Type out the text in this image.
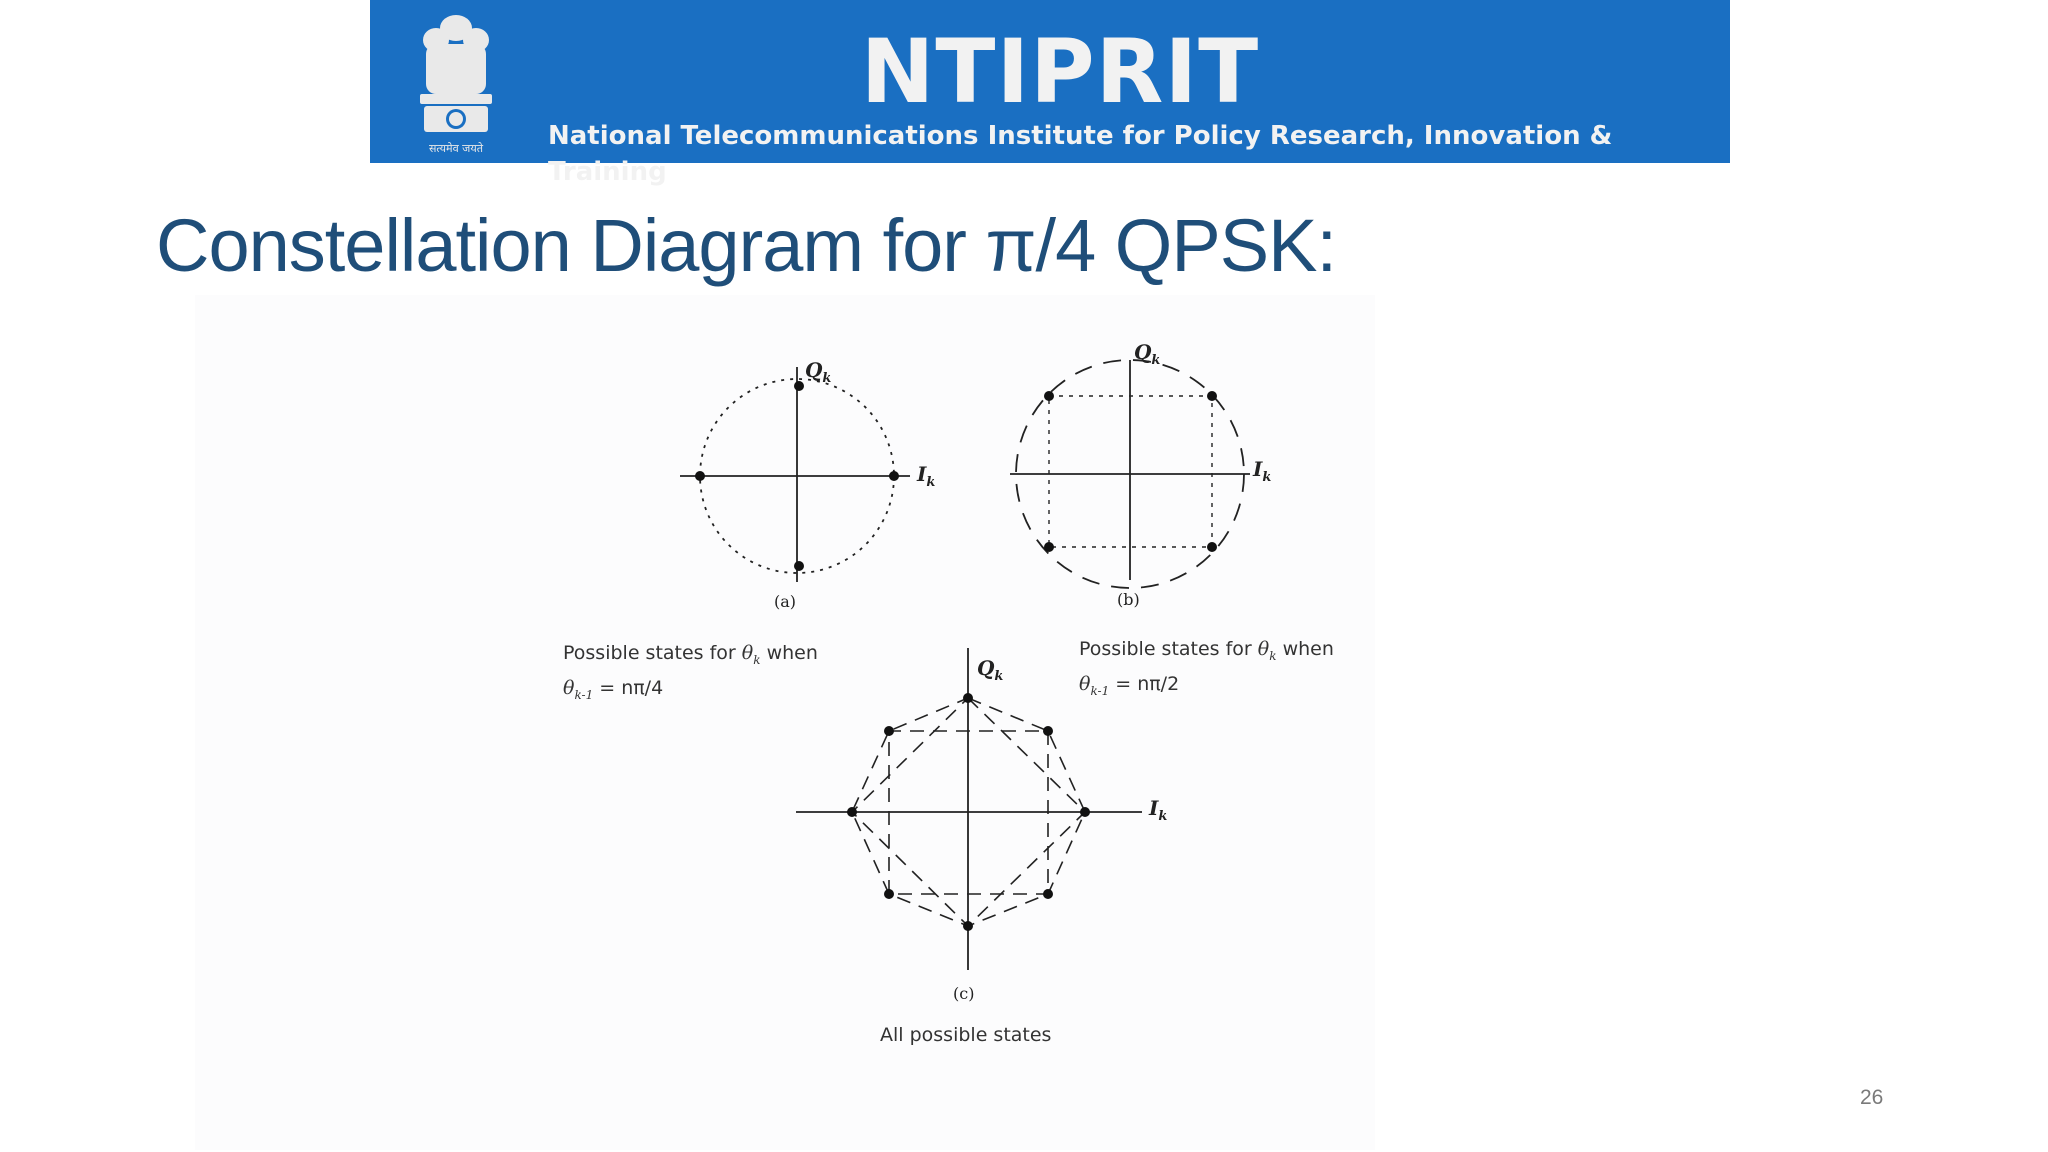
सत्यमेव जयते
NTIPRIT
National Telecommunications Institute for Policy Research, Innovation & Training
Constellation Diagram for π/4 QPSK:
$Q_k$
$I_k$
$Q_k$
$I_k$
$Q_k$
$I_k$
(a)	(b)
(c)
Possible states for $\theta_k$ when
$\theta_{k-1} = n\pi/4$
Possible states for $\theta_k$ when
$\theta_{k-1} = n\pi/2$
All possible states
26
